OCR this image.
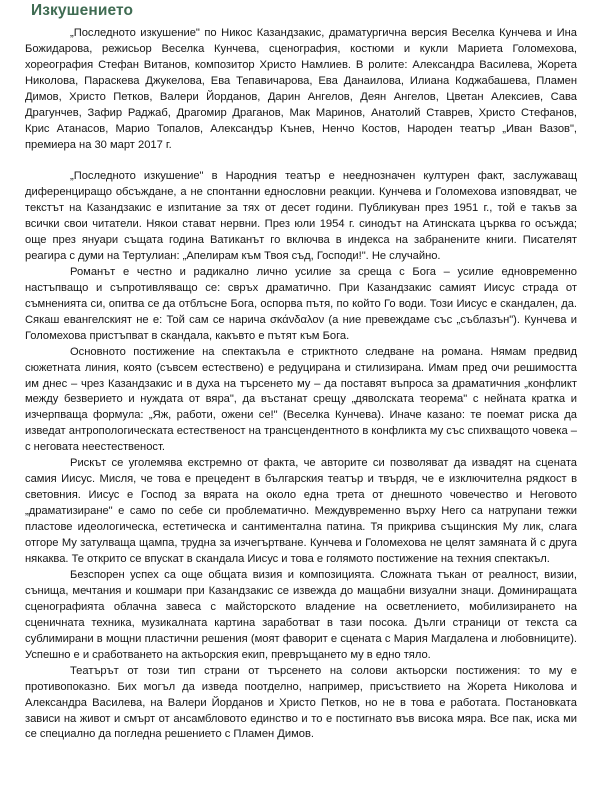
Изкушението

„Последното изкушение" по Никос Казандзакис, драматургична версия Веселка Кунчева и Ина Божидарова, режисьор Веселка Кунчева, сценография, костюми и кукли Мариета Голомехова, хореография Стефан Витанов, композитор Христо Намлиев. В ролите: Александра Василева, Жорета Николова, Параскева Джукелова, Ева Тепавичарова, Ева Данаилова, Илиана Коджабашева, Пламен Димов, Христо Петков, Валери Йорданов, Дарин Ангелов, Деян Ангелов, Цветан Алексиев, Сава Драгунчев, Зафир Раджаб, Драгомир Драганов, Мак Маринов, Анатолий Ставрев, Христо Стефанов, Крис Атанасов, Марио Топалов, Александър Кънев, Ненчо Костов, Народен театър „Иван Вазов", премиера на 30 март 2017 г.

„Последното изкушение" в Народния театър е нееднозначен културен факт, заслужаващ диференциращо обсъждане, а не спонтанни еднословни реакции. Кунчева и Голомехова изповядват, че текстът на Казандзакис е изпитание за тях от десет години. Публикуван през 1951 г., той е такъв за всички свои читатели. Някои стават нервни. През юли 1954 г. синодът на Атинската църква го осъжда; още през януари същата година Ватиканът го включва в индекса на забранените книги. Писателят реагира с думи на Тертулиан: „Апелирам към Твоя съд, Господи!". Не случайно.

Романът е честно и радикално лично усилие за среща с Бога – усилие едновременно настъпващо и съпротивляващо се: свръх драматично. При Казандзакис самият Иисус страда от съмненията си, опитва се да отблъсне Бога, оспорва пътя, по който Го води. Този Иисус е скандален, да. Сякаш евангелският не е: Той сам се нарича σκάνδαλον (а ние превеждаме със „съблазън"). Кунчева и Голомехова пристъпват в скандала, какъвто е пътят към Бога.

Основното постижение на спектакъла е стриктното следване на романа. Нямам предвид сюжетната линия, която (съвсем естествено) е редуцирана и стилизирана. Имам пред очи решимостта им днес – чрез Казандзакис и в духа на търсенето му – да поставят въпроса за драматичния „конфликт между безверието и нуждата от вяра", да въстанат срещу „дяволската теорема" с нейната кратка и изчерпваща формула: „Яж, работи, ожени се!" (Веселка Кунчева). Иначе казано: те поемат риска да изведат антропологическата естественост на трансцендентното в конфликта му със спихващото човека – с неговата неестественост.

Рискът се уголемява екстремно от факта, че авторите си позволяват да извадят на сцената самия Иисус. Мисля, че това е прецедент в българския театър и твърдя, че е изключителна рядкост в световния. Иисус е Господ за вярата на около една трета от днешното човечество и Неговото „драматизиране" е само по себе си проблематично. Междувременно върху Него са натрупани тежки пластове идеологическа, естетическа и сантиментална патина. Тя прикрива същинския Му лик, слага отгоре Му затулваща щампа, трудна за изчегъртване. Кунчева и Голомехова не целят замяната й с друга някаква. Те открито се впускат в скандала Иисус и това е голямото постижение на техния спектакъл.

Безспорен успех са още общата визия и композицията. Сложната тъкан от реалност, визии, сънища, мечтания и кошмари при Казандзакис се извежда до мащабни визуални знаци. Доминиращата сценографията облачна завеса с майсторското владение на осветлението, мобилизирането на сценичната техника, музикалната картина заработват в тази посока. Дълги страници от текста са сублимирани в мощни пластични решения (моят фаворит е сцената с Мария Магдалена и любовниците). Успешно е и сработването на актьорския екип, превръщането му в едно тяло.

Театърът от този тип страни от търсенето на солови актьорски постижения: то му е противопоказно. Бих могъл да изведа поотделно, например, присъствието на Жорета Николова и Александра Василева, на Валери Йорданов и Христо Петков, но не в това е работата. Постановката зависи на живот и смърт от ансамбловото единство и то е постигнато във висока мяра. Все пак, иска ми се специално да погледна решението с Пламен Димов.
